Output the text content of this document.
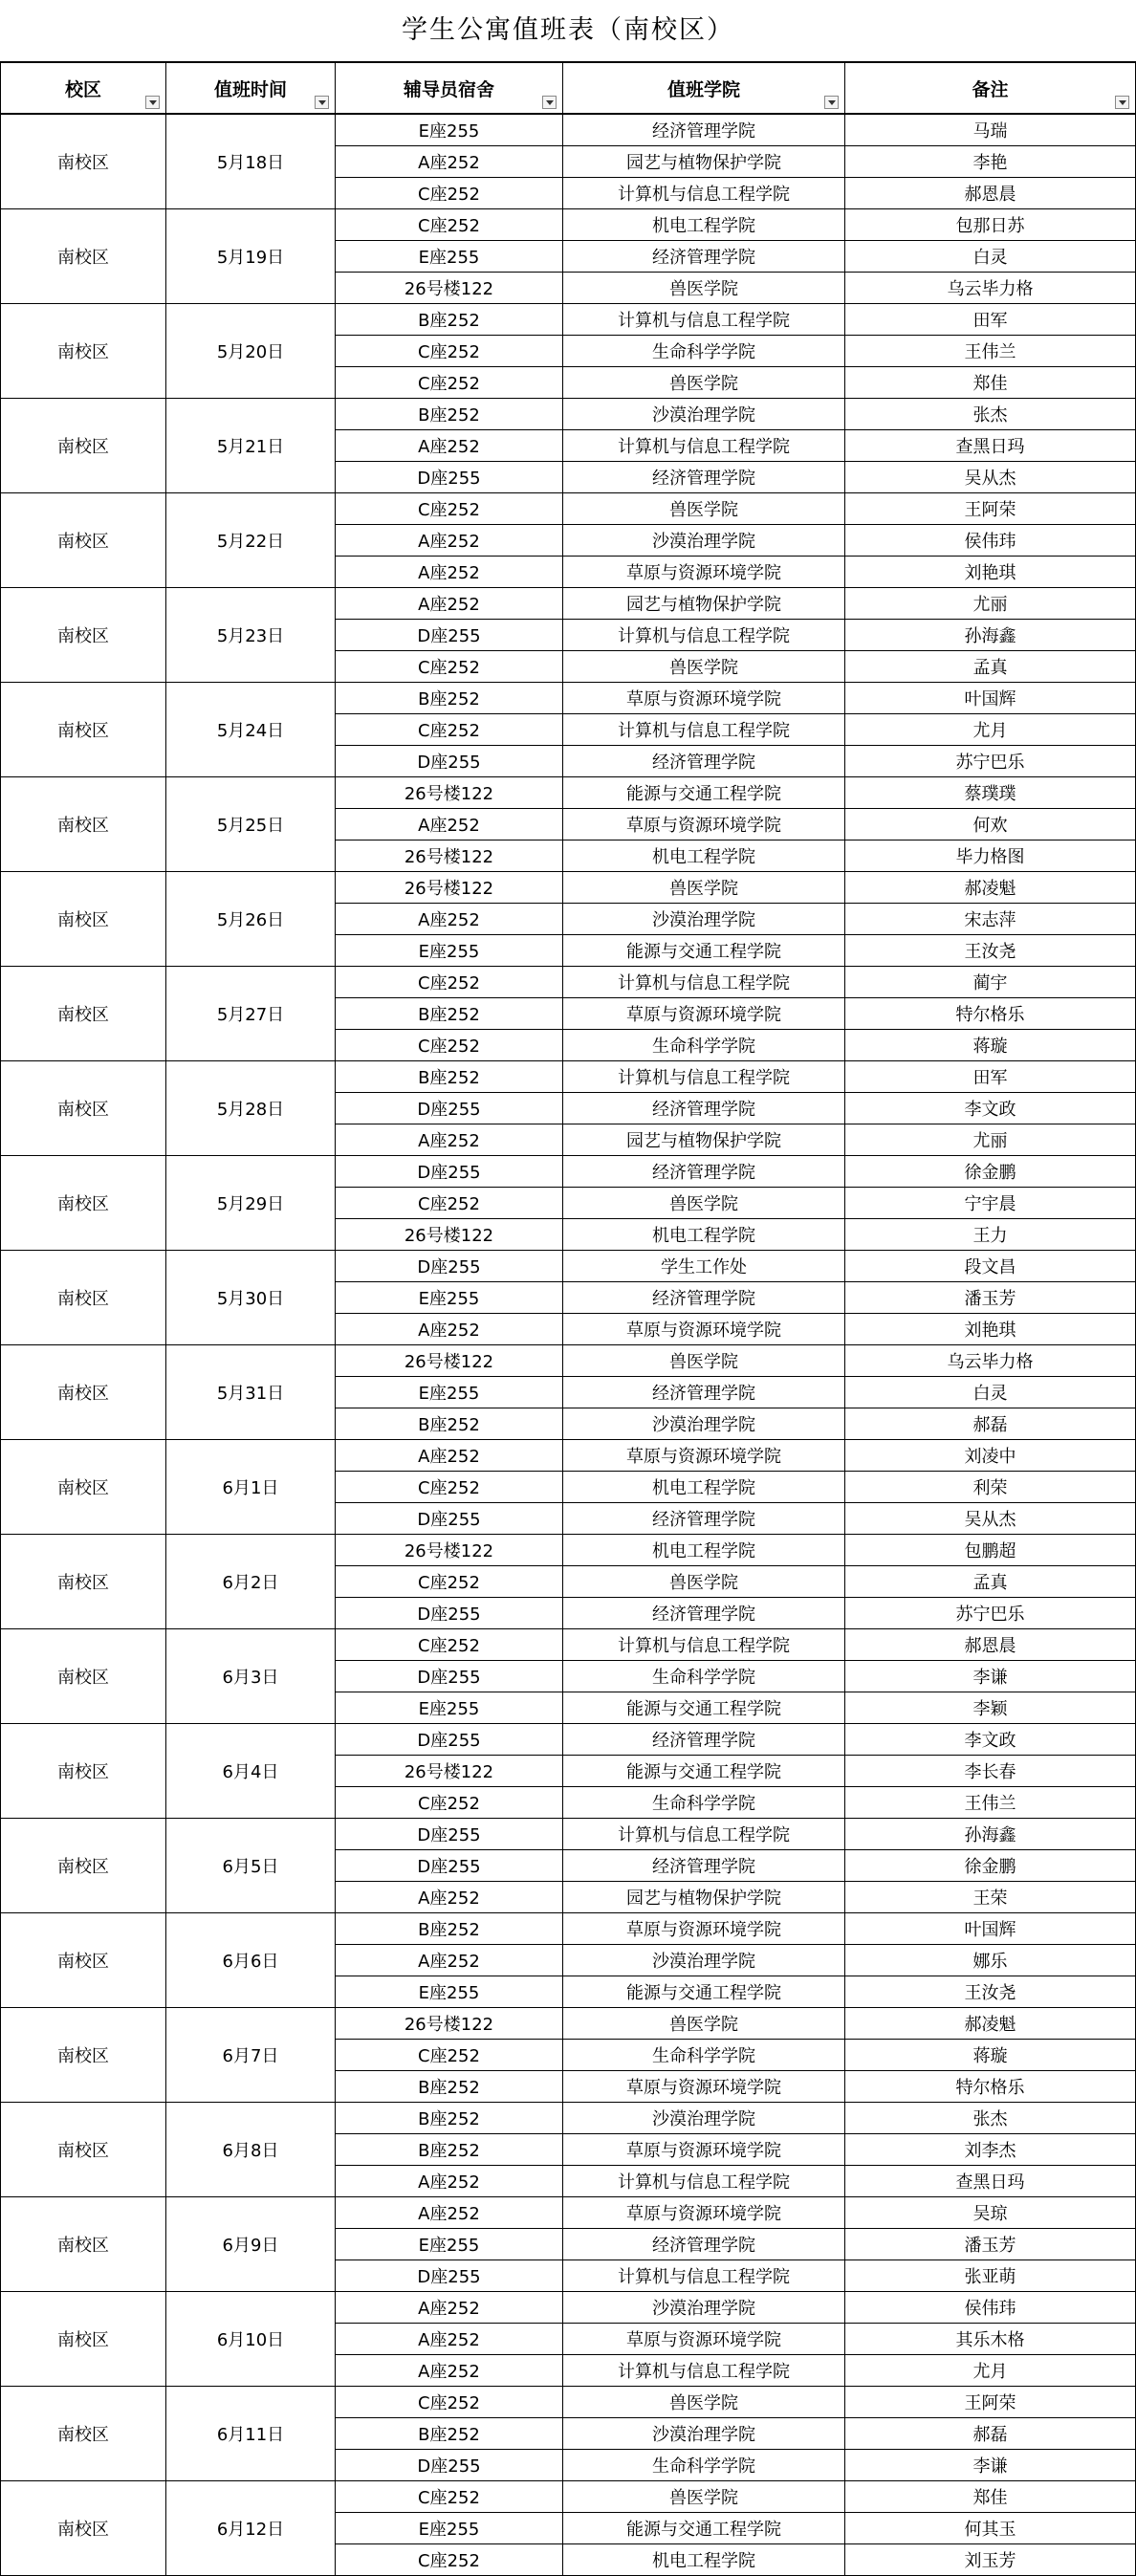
学生公寓值班表（南校区）
校区	值班时间	辅导员宿舍	值班学院	备注

南校区	5月18日	E座255	经济管理学院	马瑞
		A座252	园艺与植物保护学院	李艳
		C座252	计算机与信息工程学院	郝恩晨
南校区	5月19日	C座252	机电工程学院	包那日苏
		E座255	经济管理学院	白灵
		26号楼122	兽医学院	乌云毕力格
南校区	5月20日	B座252	计算机与信息工程学院	田军
		C座252	生命科学学院	王伟兰
		C座252	兽医学院	郑佳
南校区	5月21日	B座252	沙漠治理学院	张杰
		A座252	计算机与信息工程学院	查黑日玛
		D座255	经济管理学院	吴从杰
南校区	5月22日	C座252	兽医学院	王阿荣
		A座252	沙漠治理学院	侯伟玮
		A座252	草原与资源环境学院	刘艳琪
南校区	5月23日	A座252	园艺与植物保护学院	尤丽
		D座255	计算机与信息工程学院	孙海鑫
		C座252	兽医学院	孟真
南校区	5月24日	B座252	草原与资源环境学院	叶国辉
		C座252	计算机与信息工程学院	尤月
		D座255	经济管理学院	苏宁巴乐
南校区	5月25日	26号楼122	能源与交通工程学院	蔡璞璞
		A座252	草原与资源环境学院	何欢
		26号楼122	机电工程学院	毕力格图
南校区	5月26日	26号楼122	兽医学院	郝凌魁
		A座252	沙漠治理学院	宋志萍
		E座255	能源与交通工程学院	王汝尧
南校区	5月27日	C座252	计算机与信息工程学院	蔺宇
		B座252	草原与资源环境学院	特尔格乐
		C座252	生命科学学院	蒋璇
南校区	5月28日	B座252	计算机与信息工程学院	田军
		D座255	经济管理学院	李文政
		A座252	园艺与植物保护学院	尤丽
南校区	5月29日	D座255	经济管理学院	徐金鹏
		C座252	兽医学院	宁宇晨
		26号楼122	机电工程学院	王力
南校区	5月30日	D座255	学生工作处	段文昌
		E座255	经济管理学院	潘玉芳
		A座252	草原与资源环境学院	刘艳琪
南校区	5月31日	26号楼122	兽医学院	乌云毕力格
		E座255	经济管理学院	白灵
		B座252	沙漠治理学院	郝磊
南校区	6月1日	A座252	草原与资源环境学院	刘凌中
		C座252	机电工程学院	利荣
		D座255	经济管理学院	吴从杰
南校区	6月2日	26号楼122	机电工程学院	包鹏超
		C座252	兽医学院	孟真
		D座255	经济管理学院	苏宁巴乐
南校区	6月3日	C座252	计算机与信息工程学院	郝恩晨
		D座255	生命科学学院	李谦
		E座255	能源与交通工程学院	李颖
南校区	6月4日	D座255	经济管理学院	李文政
		26号楼122	能源与交通工程学院	李长春
		C座252	生命科学学院	王伟兰
南校区	6月5日	D座255	计算机与信息工程学院	孙海鑫
		D座255	经济管理学院	徐金鹏
		A座252	园艺与植物保护学院	王荣
南校区	6月6日	B座252	草原与资源环境学院	叶国辉
		A座252	沙漠治理学院	娜乐
		E座255	能源与交通工程学院	王汝尧
南校区	6月7日	26号楼122	兽医学院	郝凌魁
		C座252	生命科学学院	蒋璇
		B座252	草原与资源环境学院	特尔格乐
南校区	6月8日	B座252	沙漠治理学院	张杰
		B座252	草原与资源环境学院	刘李杰
		A座252	计算机与信息工程学院	查黑日玛
南校区	6月9日	A座252	草原与资源环境学院	吴琼
		E座255	经济管理学院	潘玉芳
		D座255	计算机与信息工程学院	张亚萌
南校区	6月10日	A座252	沙漠治理学院	侯伟玮
		A座252	草原与资源环境学院	其乐木格
		A座252	计算机与信息工程学院	尤月
南校区	6月11日	C座252	兽医学院	王阿荣
		B座252	沙漠治理学院	郝磊
		D座255	生命科学学院	李谦
南校区	6月12日	C座252	兽医学院	郑佳
		E座255	能源与交通工程学院	何其玉
		C座252	机电工程学院	刘玉芳
